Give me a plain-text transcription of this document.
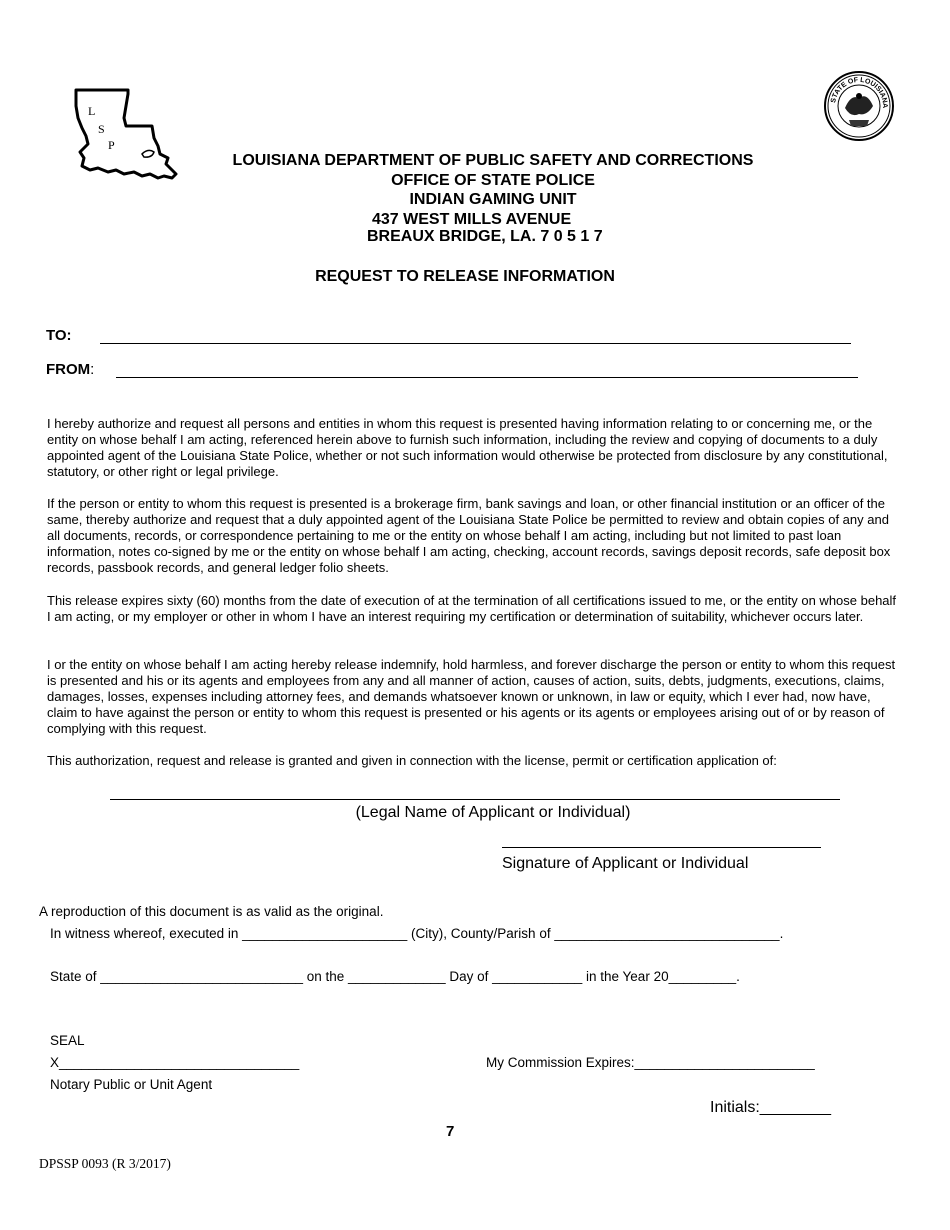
L
S
P
STATE OF LOUISIANA
LOUISIANA DEPARTMENT OF PUBLIC SAFETY AND CORRECTIONS
OFFICE OF STATE POLICE
INDIAN GAMING UNIT
437 WEST MILLS AVENUE
BREAUX BRIDGE, LA. 7 0 5 1 7
REQUEST TO RELEASE INFORMATION
TO:
FROM:
I hereby authorize and request all persons and entities in whom this request is presented having information relating to or concerning me, or the entity on whose behalf I am acting, referenced herein above to furnish such information, including the review and copying of documents to a duly appointed agent of the Louisiana State Police, whether or not such information would otherwise be protected from disclosure by any constitutional, statutory, or other right or legal privilege.
If the person or entity to whom this request is presented is a brokerage firm, bank savings and loan, or other financial institution or an officer of the same, thereby authorize and request that a duly appointed agent of the Louisiana State Police be permitted to review and obtain copies of any and all documents, records, or correspondence pertaining to me or the entity on whose behalf I am acting, including but not limited to past loan information, notes co-signed by me or the entity on whose behalf I am acting, checking, account records, savings deposit records, safe deposit box records, passbook records, and general ledger folio sheets.
This release expires sixty (60) months from the date of execution of at the termination of all certifications issued to me, or the entity on whose behalf I am acting, or my employer or other in whom I have an interest requiring my certification or determination of suitability, whichever occurs later.
I or the entity on whose behalf I am acting hereby release indemnify, hold harmless, and forever discharge the person or entity to whom this request is presented and his or its agents and employees from any and all manner of action, causes of action, suits, debts, judgments, executions, claims, damages, losses, expenses including attorney fees, and demands whatsoever known or unknown, in law or equity, which I ever had, now have, claim to have against the person or entity to whom this request is presented or his agents or its agents or employees arising out of or by reason of complying with this request.
This authorization, request and release is granted and given in connection with the license, permit or certification application of:
(Legal Name of Applicant or Individual)
Signature of Applicant or Individual
A reproduction of this document is as valid as the original.
In witness whereof, executed in ______________________ (City), County/Parish of ______________________________.
State of ___________________________ on the _____________ Day of ____________ in the Year 20_________.
SEAL
X________________________________	My Commission Expires:________________________
Notary Public or Unit Agent
Initials:________
7
DPSSP 0093 (R 3/2017)
